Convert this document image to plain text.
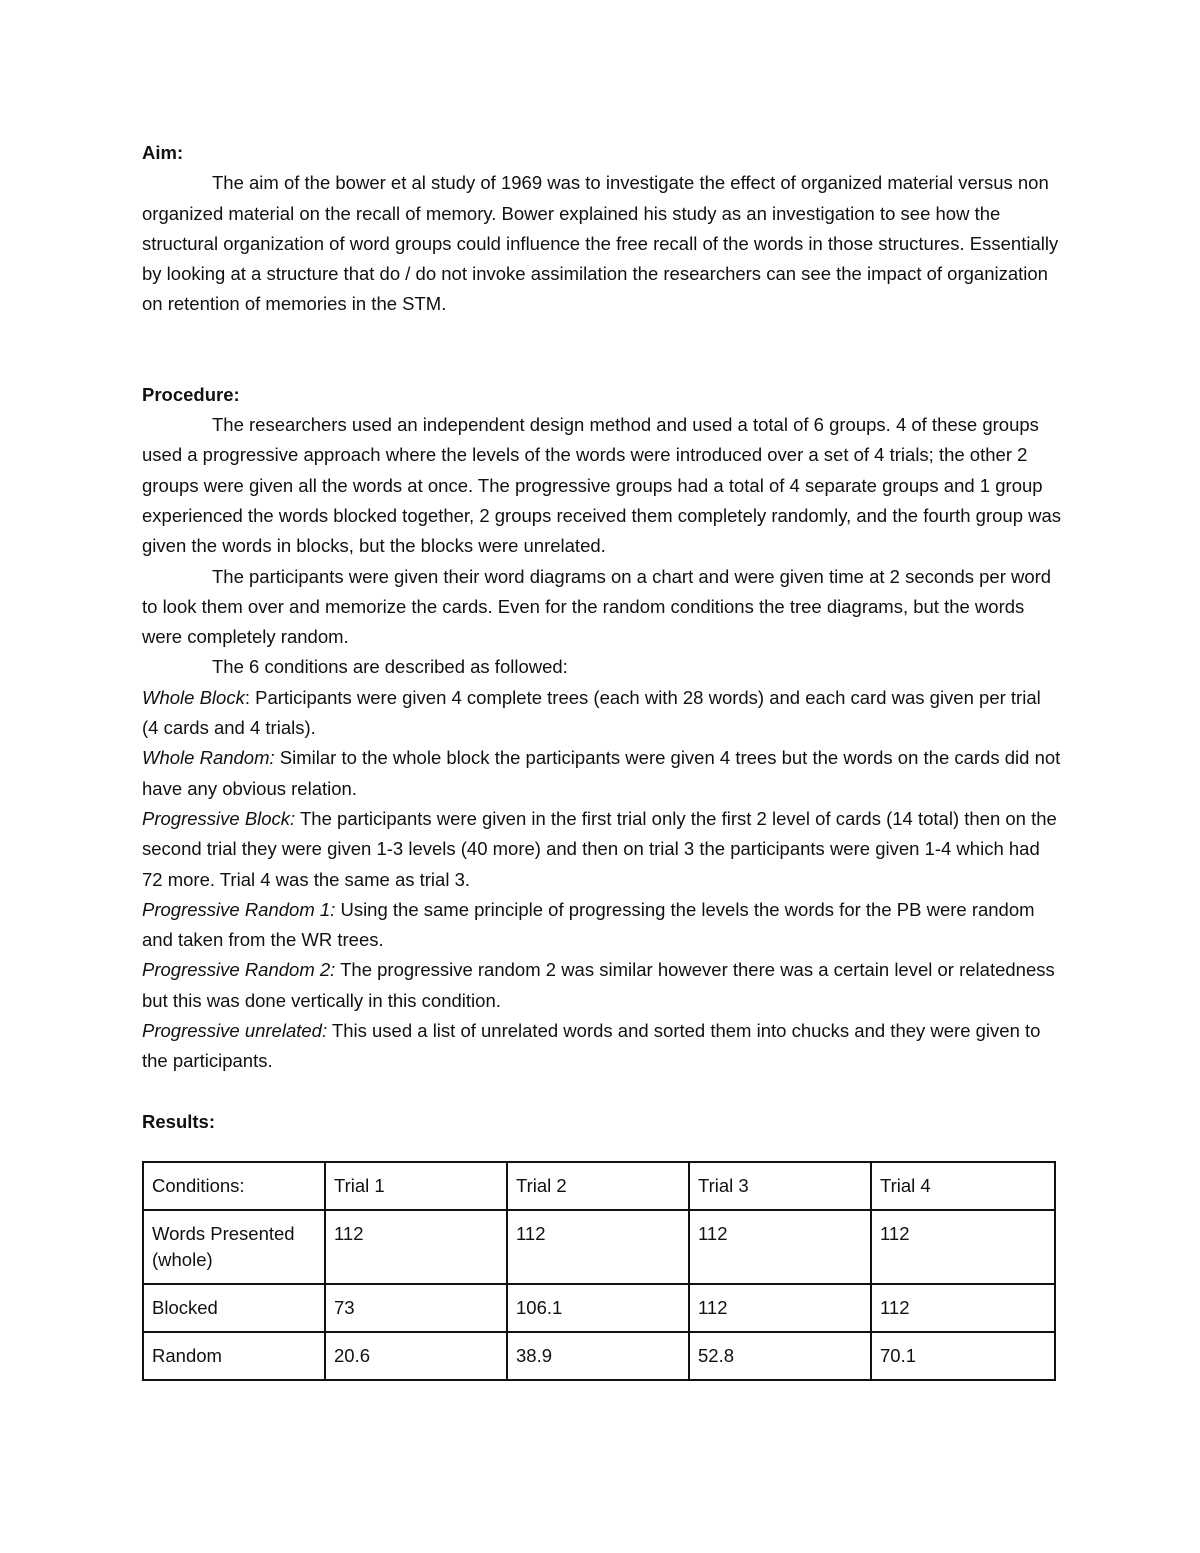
Aim:

The aim of the bower et al study of 1969 was to investigate the effect of organized material versus non organized material on the recall of memory. Bower explained his study as an investigation to see how the structural organization of word groups could influence the free recall of the words in those structures. Essentially by looking at a structure that do / do not invoke assimilation the researchers can see the impact of organization on retention of memories in the STM.

Procedure:

The researchers used an independent design method and used a total of 6 groups. 4 of these groups used a progressive approach where the levels of the words were introduced over a set of 4 trials; the other 2 groups were given all the words at once. The progressive groups had a total of 4 separate groups and 1 group experienced the words blocked together, 2 groups received them completely randomly, and the fourth group was given the words in blocks, but the blocks were unrelated.

The participants were given their word diagrams on a chart and were given time at 2 seconds per word to look them over and memorize the cards. Even for the random conditions the tree diagrams, but the words were completely random.

The 6 conditions are described as followed:

Whole Block: Participants were given 4 complete trees (each with 28 words) and each card was given per trial (4 cards and 4 trials).

Whole Random: Similar to the whole block the participants were given 4 trees but the words on the cards did not have any obvious relation.

Progressive Block: The participants were given in the first trial only the first 2 level of cards (14 total) then on the second trial they were given 1-3 levels (40 more) and then on trial 3 the participants were given 1-4 which had 72 more. Trial 4 was the same as trial 3.

Progressive Random 1: Using the same principle of progressing the levels the words for the PB were random and taken from the WR trees.

Progressive Random 2: The progressive random 2 was similar however there was a certain level or relatedness but this was done vertically in this condition.

Progressive unrelated: This used a list of unrelated words and sorted them into chucks and they were given to the participants.

Results:

Conditions:	Trial 1	Trial 2	Trial 3	Trial 4
Words Presented (whole)	112	112	112	112
Blocked	73	106.1	112	112
Random	20.6	38.9	52.8	70.1
